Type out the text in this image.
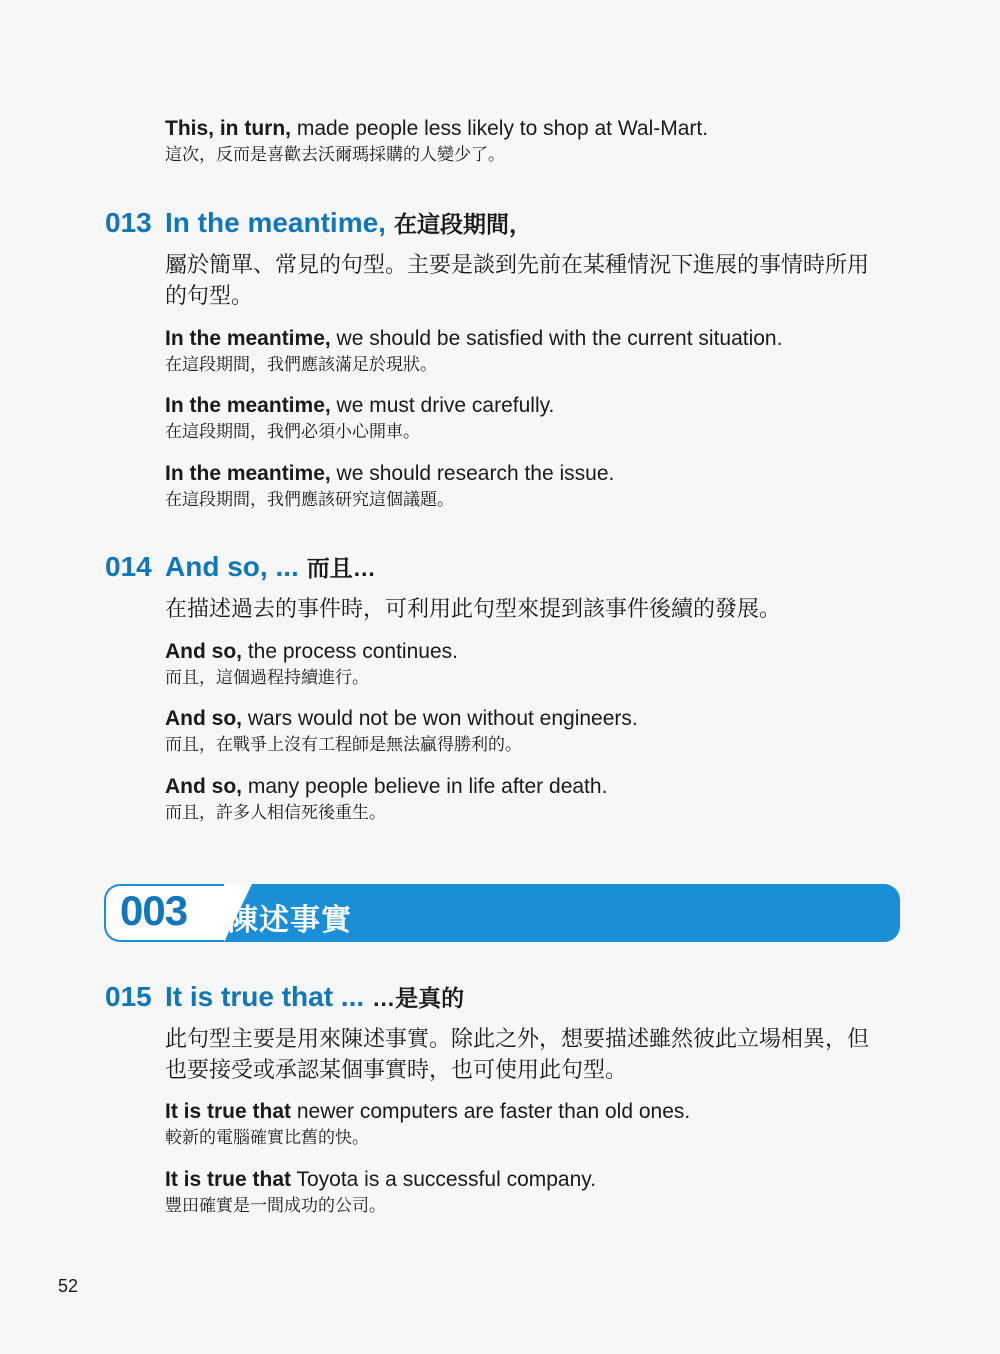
This, in turn, made people less likely to shop at Wal-Mart.
這次，反而是喜歡去沃爾瑪採購的人變少了。
013 In the meantime, 在這段期間，
屬於簡單、常見的句型。主要是談到先前在某種情況下進展的事情時所用
的句型。
In the meantime, we should be satisfied with the current situation.
在這段期間，我們應該滿足於現狀。
In the meantime, we must drive carefully.
在這段期間，我們必須小心開車。
In the meantime, we should research the issue.
在這段期間，我們應該研究這個議題。
014 And so, ... 而且…
在描述過去的事件時，可利用此句型來提到該事件後續的發展。
And so, the process continues.
而且，這個過程持續進行。
And so, wars would not be won without engineers.
而且，在戰爭上沒有工程師是無法贏得勝利的。
And so, many people believe in life after death.
而且，許多人相信死後重生。
003 陳述事實
015 It is true that ... …是真的
此句型主要是用來陳述事實。除此之外，想要描述雖然彼此立場相異，但
也要接受或承認某個事實時，也可使用此句型。
It is true that newer computers are faster than old ones.
較新的電腦確實比舊的快。
It is true that Toyota is a successful company.
豐田確實是一間成功的公司。
52
